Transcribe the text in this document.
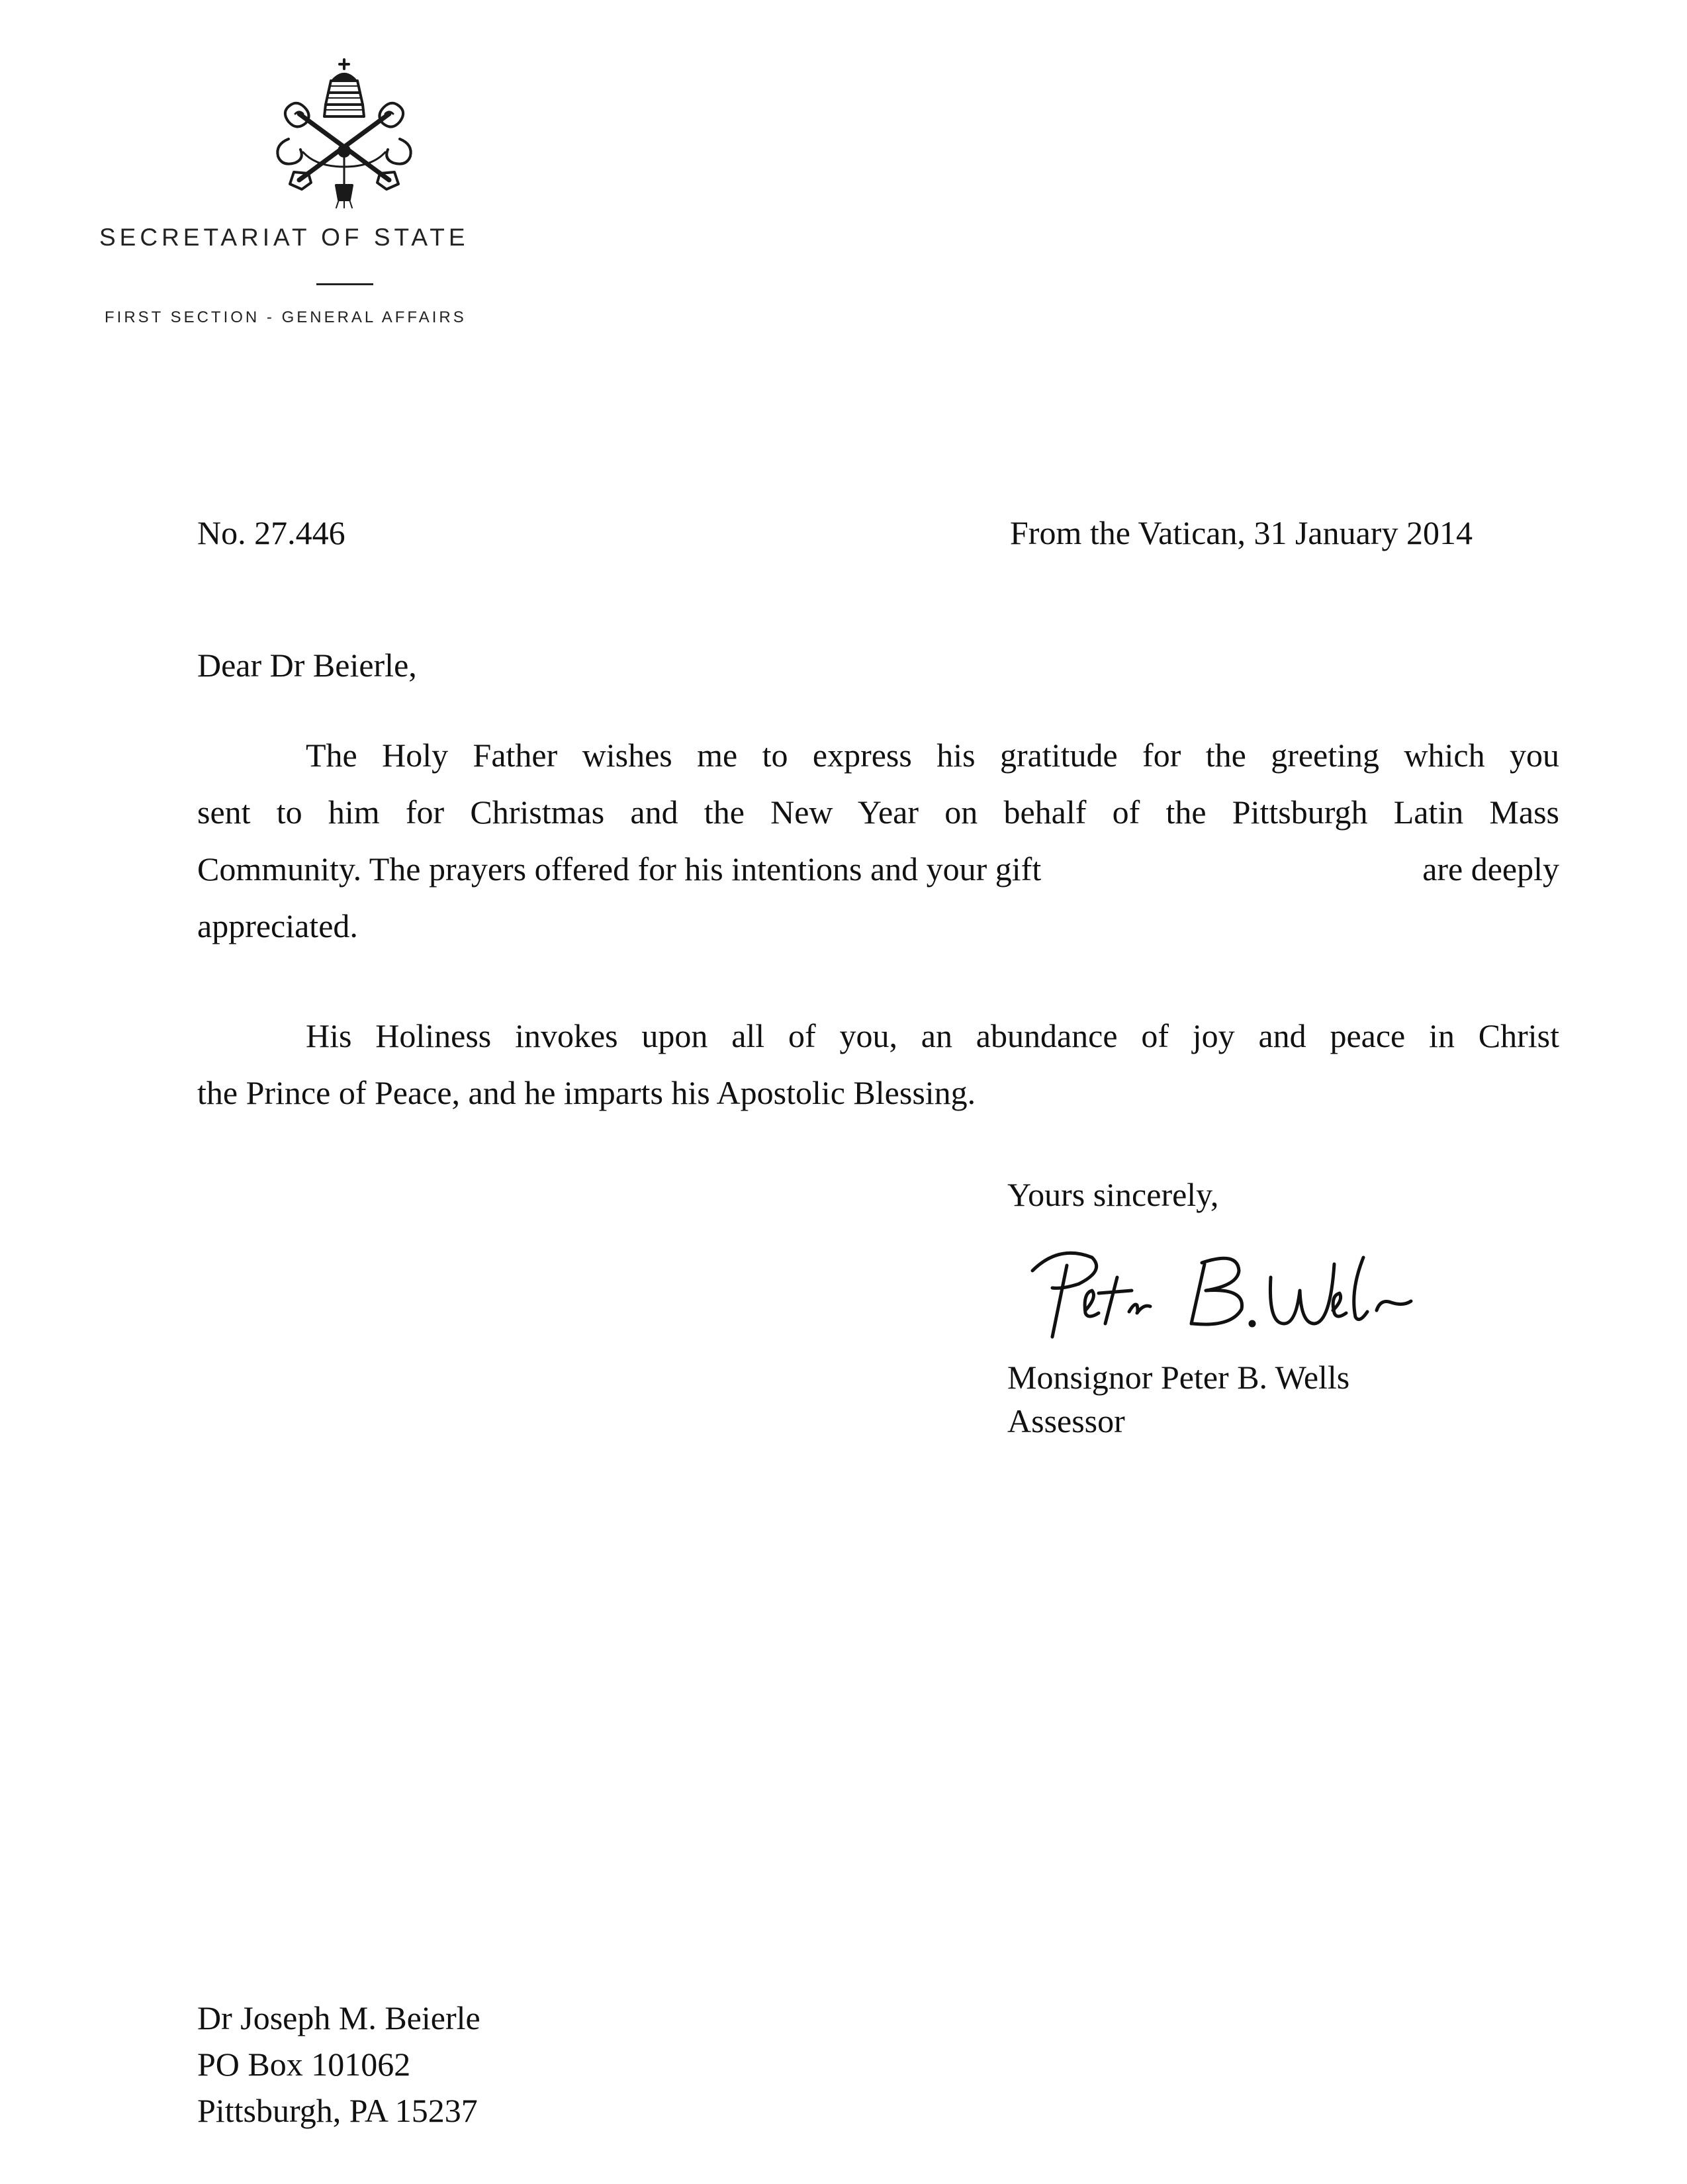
SECRETARIAT OF STATE
FIRST SECTION - GENERAL AFFAIRS
No. 27.446	From the Vatican, 31 January 2014
Dear Dr Beierle,
The Holy Father wishes me to express his gratitude for the greeting which you
sent to him for Christmas and the New Year on behalf of the Pittsburgh Latin Mass
Community. The prayers offered for his intentions and your gift	are deeply
appreciated.
His Holiness invokes upon all of you, an abundance of joy and peace in Christ
the Prince of Peace, and he imparts his Apostolic Blessing.
Yours sincerely,
Monsignor Peter B. Wells
Assessor
Dr Joseph M. Beierle
PO Box 101062
Pittsburgh, PA 15237
